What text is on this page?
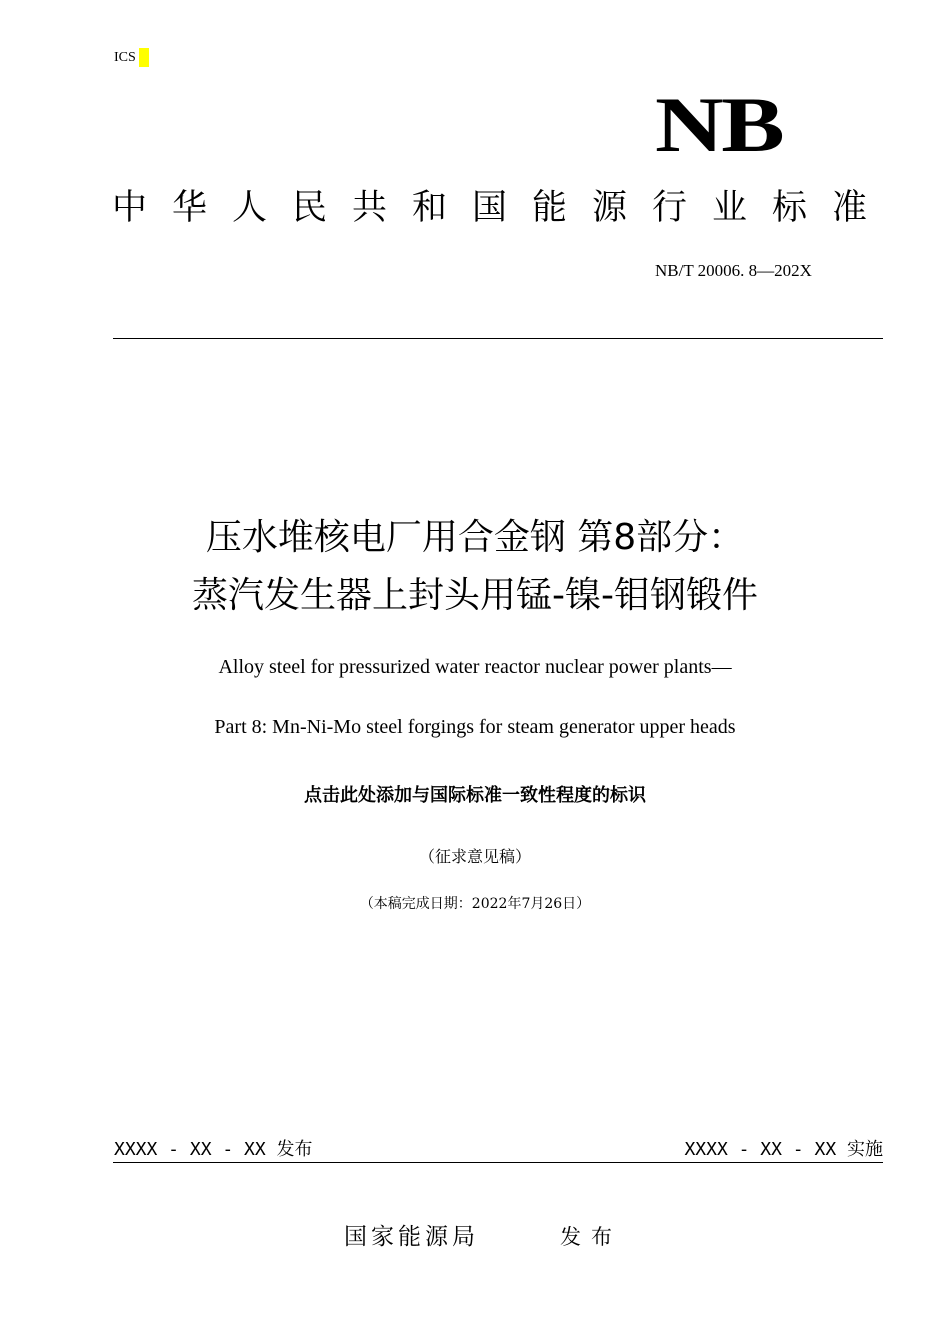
ICS
NB
中华人民共和国能源行业标准
NB/T 20006. 8—202X
压水堆核电厂用合金钢 第8部分：
蒸汽发生器上封头用锰-镍-钼钢锻件
Alloy steel for pressurized water reactor nuclear power plants—
Part 8: Mn-Ni-Mo steel forgings for steam generator upper heads
点击此处添加与国际标准一致性程度的标识
（征求意见稿）
（本稿完成日期：2022年7月26日）
XXXX - XX - XX 发布	XXXX - XX - XX 实施
国家能源局	发布
